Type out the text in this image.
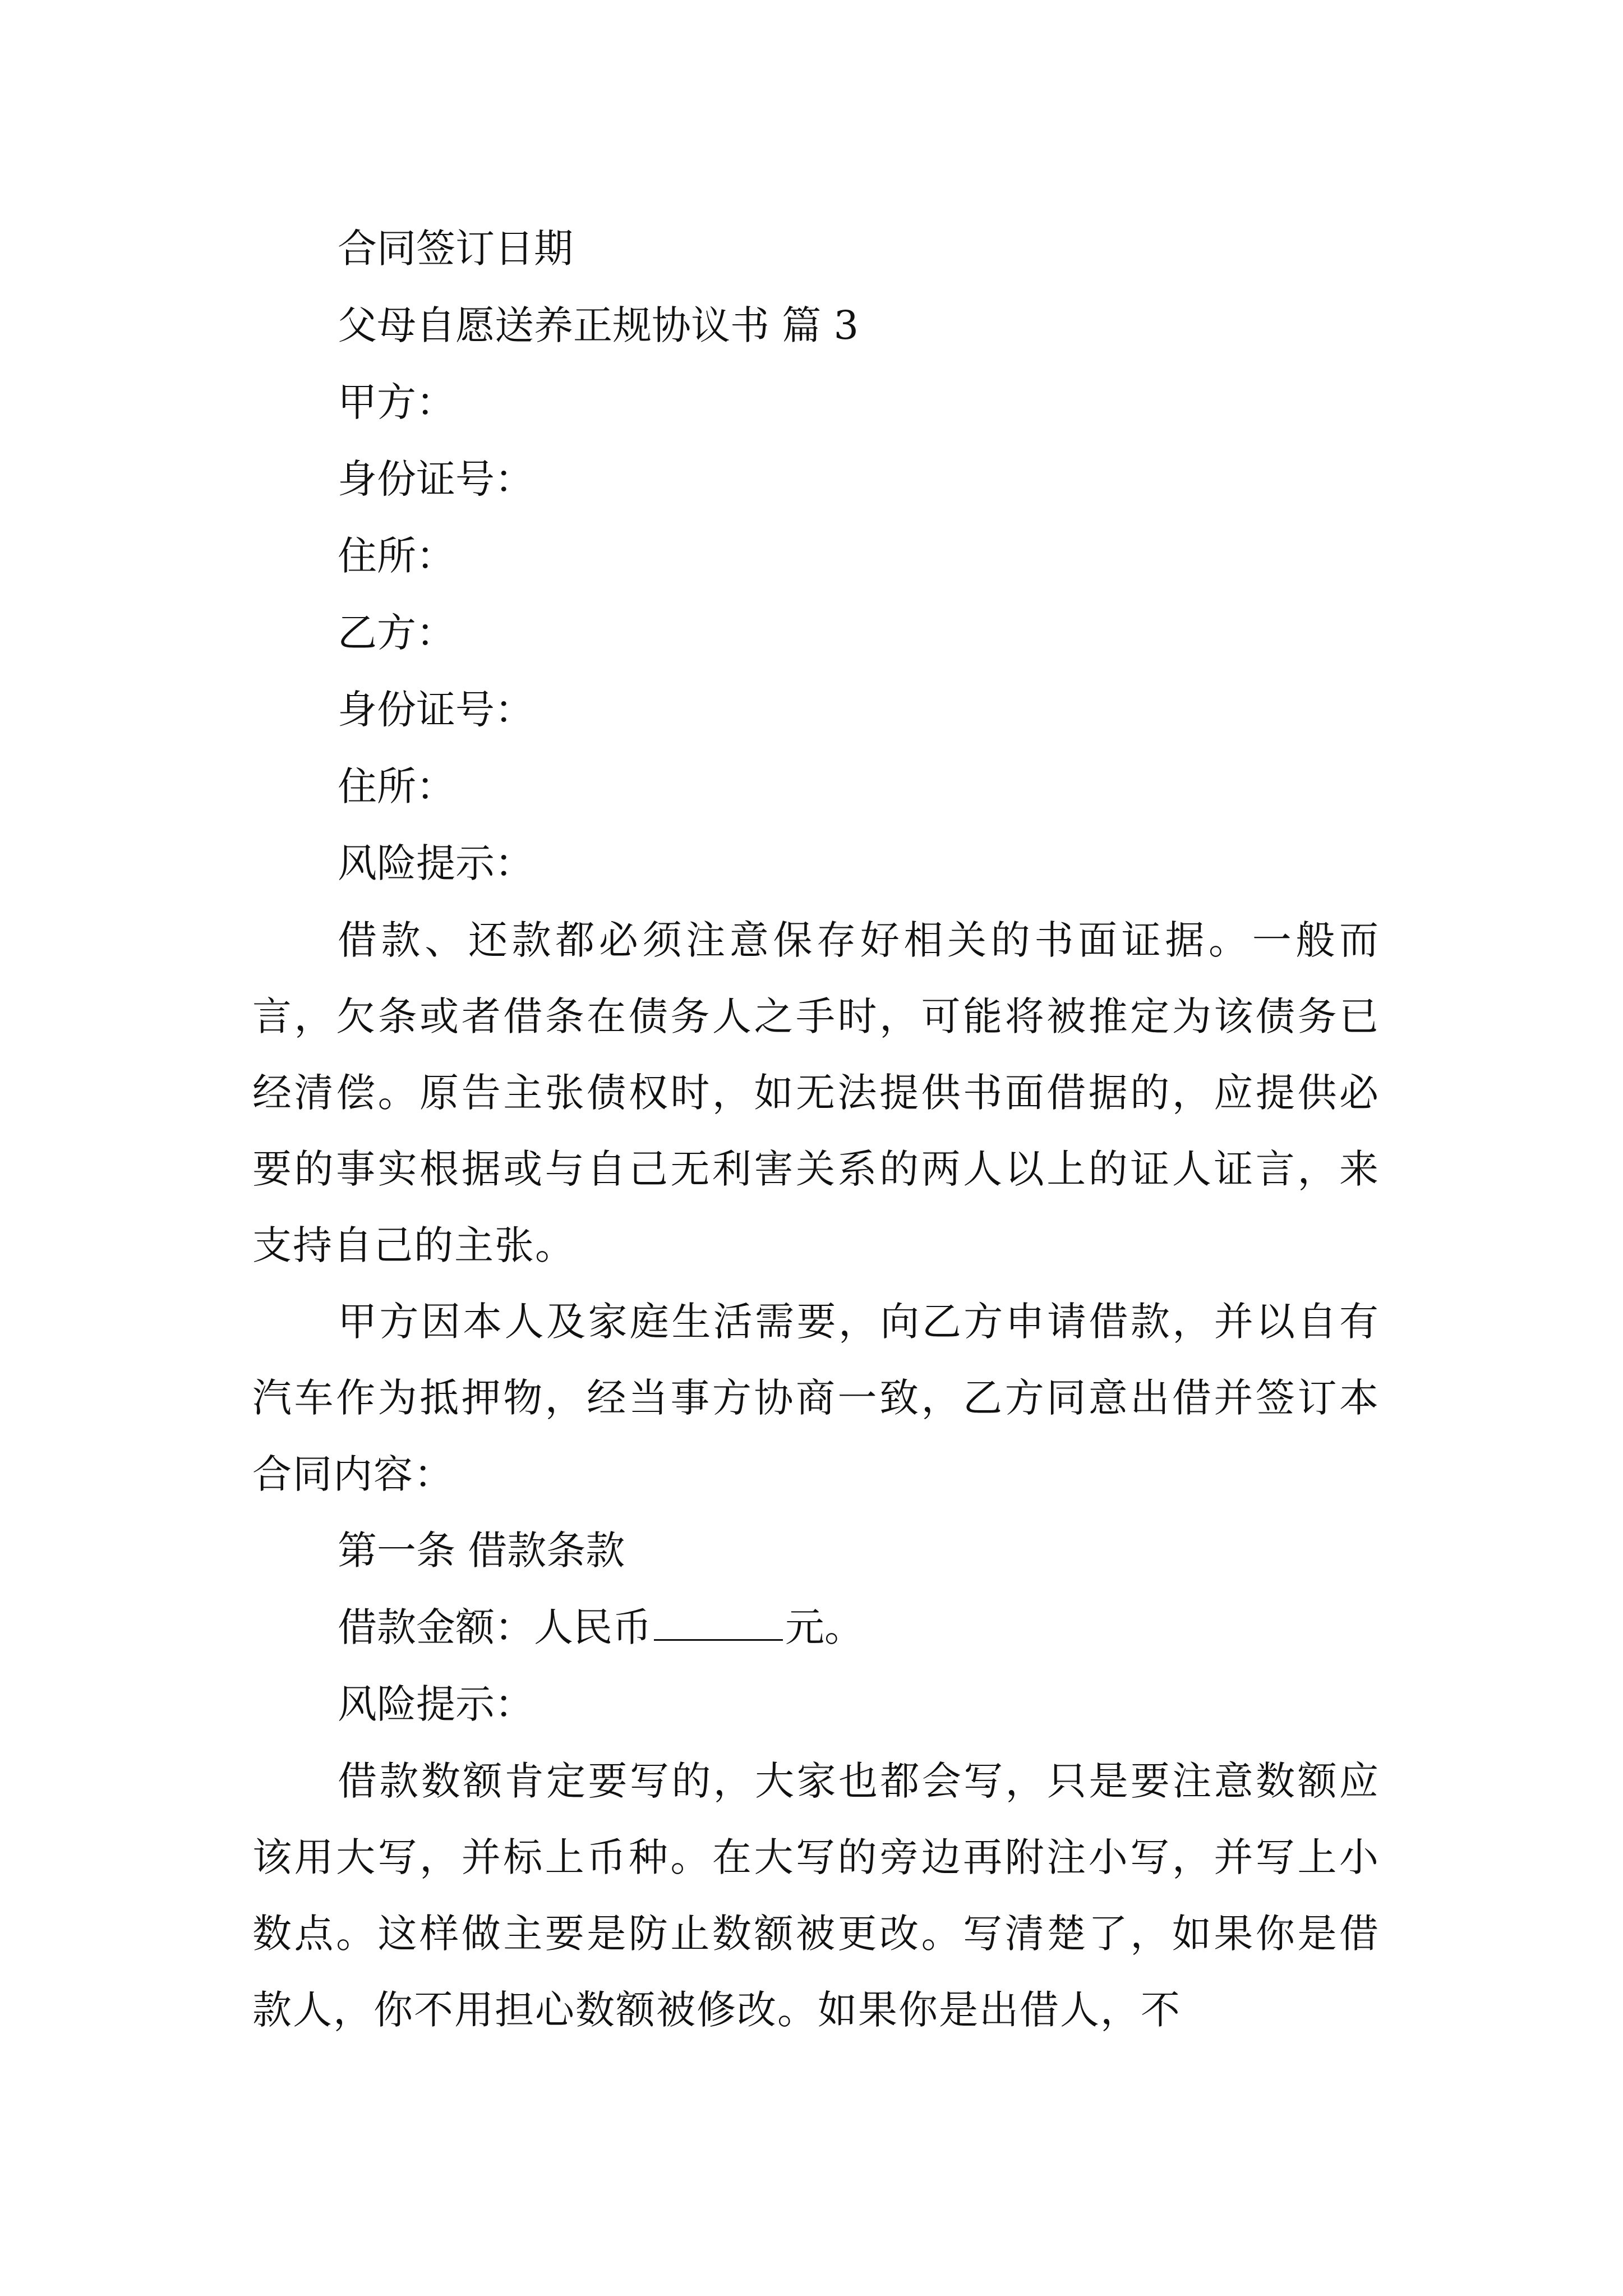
合同签订日期
父母自愿送养正规协议书 篇 3
甲方：
身份证号：
住所：
乙方：
身份证号：
住所：
风险提示：
借款、还款都必须注意保存好相关的书面证据。一般而言，欠条或者借条在债务人之手时，可能将被推定为该债务已经清偿。原告主张债权时，如无法提供书面借据的，应提供必要的事实根据或与自己无利害关系的两人以上的证人证言，来支持自己的主张。
甲方因本人及家庭生活需要，向乙方申请借款，并以自有汽车作为抵押物，经当事方协商一致，乙方同意出借并签订本合同内容：
第一条 借款条款
借款金额：人民币	元。
风险提示：
借款数额肯定要写的，大家也都会写，只是要注意数额应该用大写，并标上币种。在大写的旁边再附注小写，并写上小数点。这样做主要是防止数额被更改。写清楚了，如果你是借款人，你不用担心数额被修改。如果你是出借人，不
